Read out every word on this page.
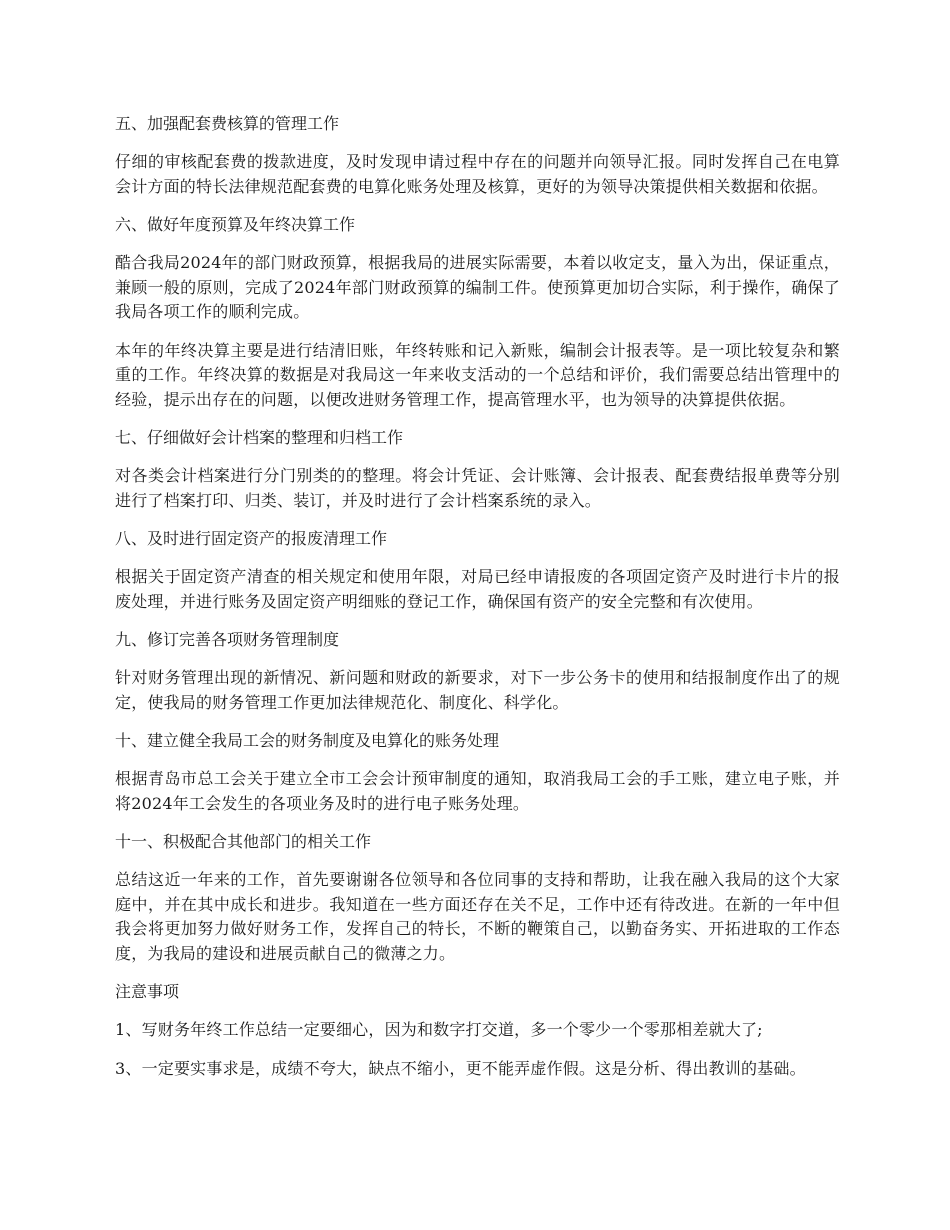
五、加强配套费核算的管理工作
仔细的审核配套费的拨款进度，及时发现申请过程中存在的问题并向领导汇报。同时发挥自己在电算会计方面的特长法律规范配套费的电算化账务处理及核算，更好的为领导决策提供相关数据和依据。
六、做好年度预算及年终决算工作
酷合我局2024年的部门财政预算，根据我局的进展实际需要，本着以收定支，量入为出，保证重点，兼顾一般的原则，完成了2024年部门财政预算的编制工件。使预算更加切合实际，利于操作，确保了我局各项工作的顺利完成。
本年的年终决算主要是进行结清旧账，年终转账和记入新账，编制会计报表等。是一项比较复杂和繁重的工作。年终决算的数据是对我局这一年来收支活动的一个总结和评价，我们需要总结出管理中的经验，提示出存在的问题，以便改进财务管理工作，提高管理水平，也为领导的决算提供依据。
七、仔细做好会计档案的整理和归档工作
对各类会计档案进行分门别类的的整理。将会计凭证、会计账簿、会计报表、配套费结报单费等分别进行了档案打印、归类、装订，并及时进行了会计档案系统的录入。
八、及时进行固定资产的报废清理工作
根据关于固定资产清查的相关规定和使用年限，对局已经申请报废的各项固定资产及时进行卡片的报废处理，并进行账务及固定资产明细账的登记工作，确保国有资产的安全完整和有次使用。
九、修订完善各项财务管理制度
针对财务管理出现的新情况、新问题和财政的新要求，对下一步公务卡的使用和结报制度作出了的规定，使我局的财务管理工作更加法律规范化、制度化、科学化。
十、建立健全我局工会的财务制度及电算化的账务处理
根据青岛市总工会关于建立全市工会会计预审制度的通知，取消我局工会的手工账，建立电子账，并将2024年工会发生的各项业务及时的进行电子账务处理。
十一、积极配合其他部门的相关工作
总结这近一年来的工作，首先要谢谢各位领导和各位同事的支持和帮助，让我在融入我局的这个大家庭中，并在其中成长和进步。我知道在一些方面还存在关不足，工作中还有待改进。在新的一年中但我会将更加努力做好财务工作，发挥自己的特长，不断的鞭策自己，以勤奋务实、开拓进取的工作态度，为我局的建设和进展贡献自己的微薄之力。
注意事项
1、写财务年终工作总结一定要细心，因为和数字打交道，多一个零少一个零那相差就大了;
3、一定要实事求是，成绩不夸大，缺点不缩小，更不能弄虚作假。这是分析、得出教训的基础。
